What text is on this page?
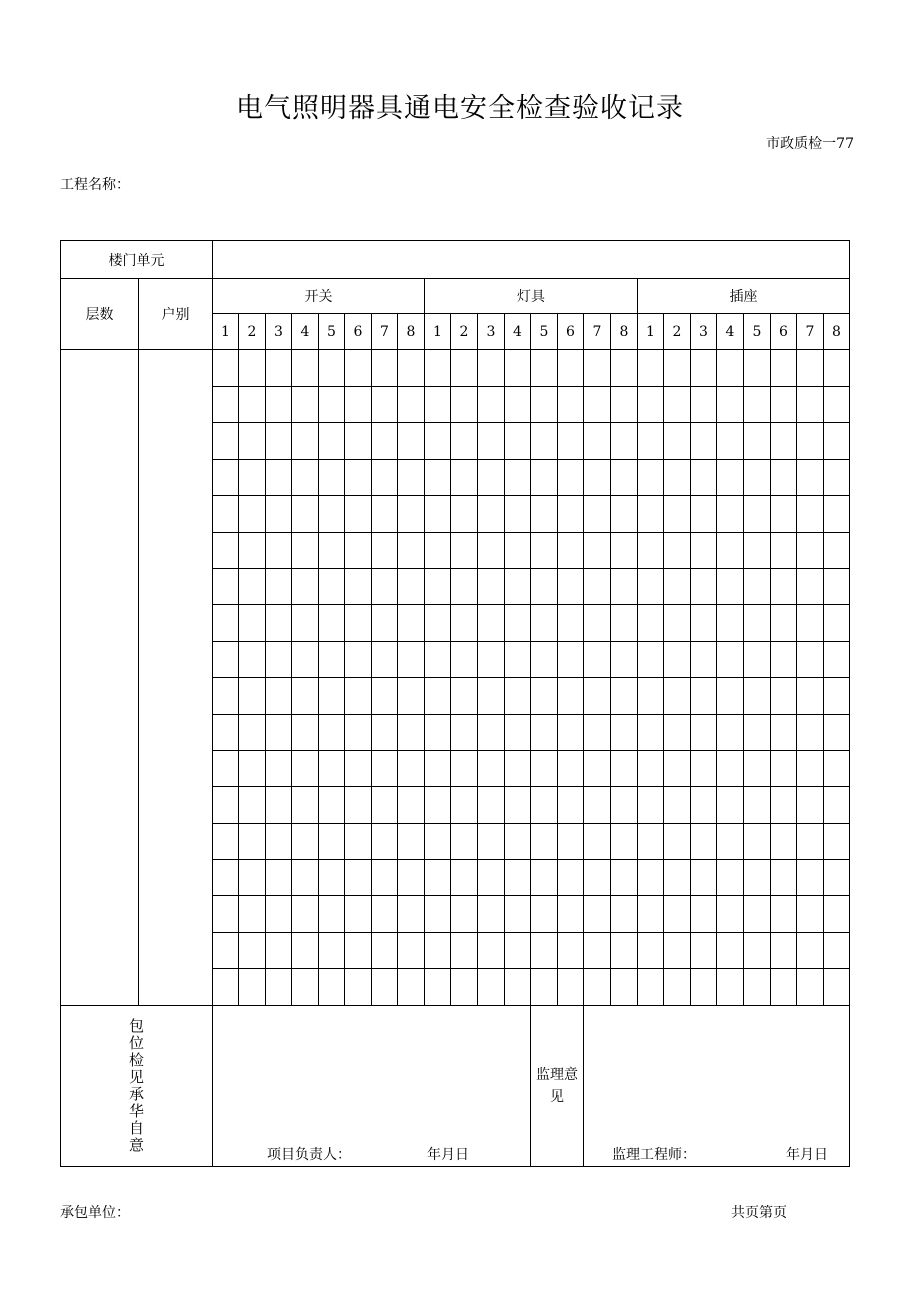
电气照明器具通电安全检查验收记录
市政质检一77
工程名称：
楼门单元																									
层数	户别	开关								灯具								插座							
		1	2	3	4	5	6	7	8	1	2	3	4	5	6	7	8	1	2	3	4	5	6	7	8

包位检见承华自意		项目负责人： 年月日												监理意见		监理工程师： 年月日									
承包单位：	共页第页
